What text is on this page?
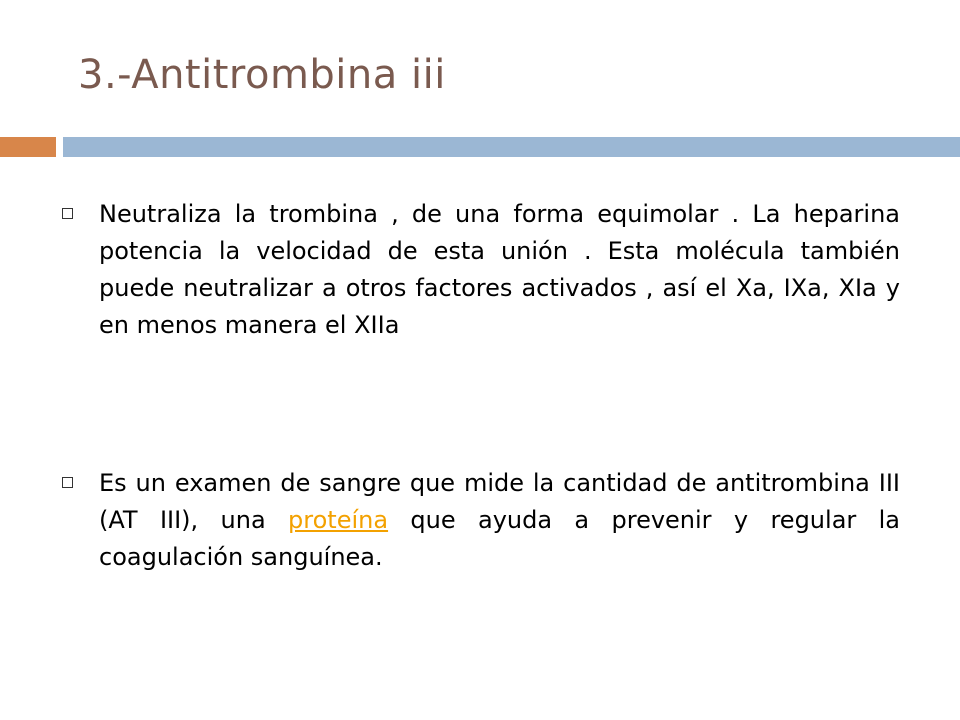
3.-Antitrombina iii
Neutraliza la trombina , de una forma equimolar . La heparina potencia la velocidad de esta unión . Esta molécula también puede neutralizar a otros factores activados , así el Xa, IXa, XIa y en menos manera el XIIa
Es un examen de sangre que mide la cantidad de antitrombina III (AT III), una proteína que ayuda a prevenir y regular la coagulación sanguínea.
